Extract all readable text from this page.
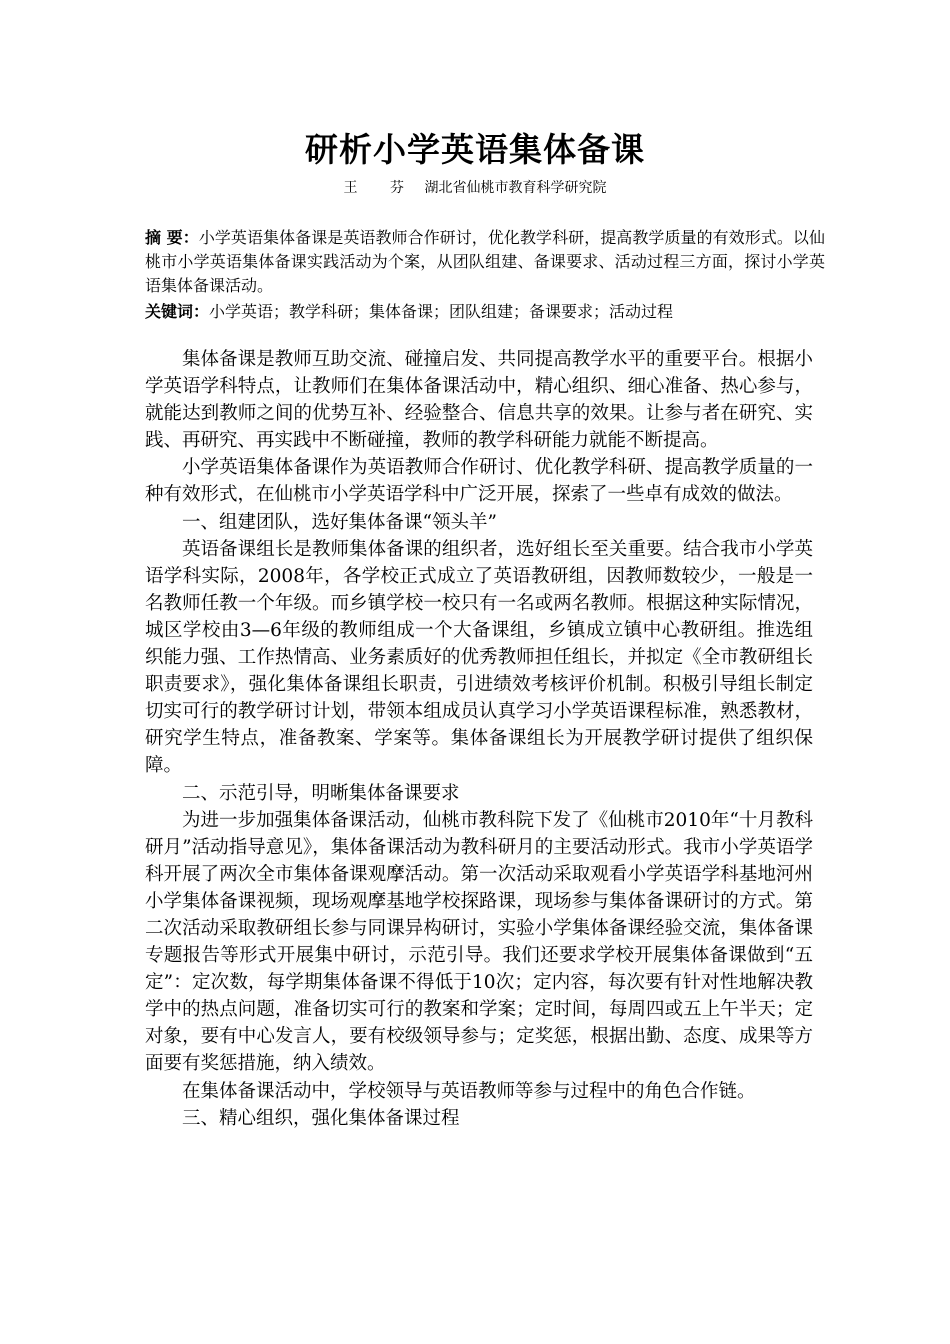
研析小学英语集体备课
王 芬 湖北省仙桃市教育科学研究院
摘 要：小学英语集体备课是英语教师合作研讨，优化教学科研，提高教学质量的有效形式。以仙桃市小学英语集体备课实践活动为个案，从团队组建、备课要求、活动过程三方面，探讨小学英语集体备课活动。
关键词：小学英语；教学科研；集体备课；团队组建；备课要求；活动过程

集体备课是教师互助交流、碰撞启发、共同提高教学水平的重要平台。根据小学英语学科特点，让教师们在集体备课活动中，精心组织、细心准备、热心参与，就能达到教师之间的优势互补、经验整合、信息共享的效果。让参与者在研究、实践、再研究、再实践中不断碰撞，教师的教学科研能力就能不断提高。

小学英语集体备课作为英语教师合作研讨、优化教学科研、提高教学质量的一种有效形式，在仙桃市小学英语学科中广泛开展，探索了一些卓有成效的做法。

一、组建团队，选好集体备课“领头羊”

英语备课组长是教师集体备课的组织者，选好组长至关重要。结合我市小学英语学科实际，2008年，各学校正式成立了英语教研组，因教师数较少，一般是一名教师任教一个年级。而乡镇学校一校只有一名或两名教师。根据这种实际情况，城区学校由3—6年级的教师组成一个大备课组，乡镇成立镇中心教研组。推选组织能力强、工作热情高、业务素质好的优秀教师担任组长，并拟定《全市教研组长职责要求》，强化集体备课组长职责，引进绩效考核评价机制。积极引导组长制定切实可行的教学研讨计划，带领本组成员认真学习小学英语课程标准，熟悉教材，研究学生特点，准备教案、学案等。集体备课组长为开展教学研讨提供了组织保障。

二、示范引导，明晰集体备课要求

为进一步加强集体备课活动，仙桃市教科院下发了《仙桃市2010年“十月教科研月”活动指导意见》，集体备课活动为教科研月的主要活动形式。我市小学英语学科开展了两次全市集体备课观摩活动。第一次活动采取观看小学英语学科基地河州小学集体备课视频，现场观摩基地学校探路课，现场参与集体备课研讨的方式。第二次活动采取教研组长参与同课异构研讨，实验小学集体备课经验交流，集体备课专题报告等形式开展集中研讨，示范引导。我们还要求学校开展集体备课做到“五定”：定次数，每学期集体备课不得低于10次；定内容，每次要有针对性地解决教学中的热点问题，准备切实可行的教案和学案；定时间，每周四或五上午半天；定对象，要有中心发言人，要有校级领导参与；定奖惩，根据出勤、态度、成果等方面要有奖惩措施，纳入绩效。

在集体备课活动中，学校领导与英语教师等参与过程中的角色合作链。

三、精心组织，强化集体备课过程
